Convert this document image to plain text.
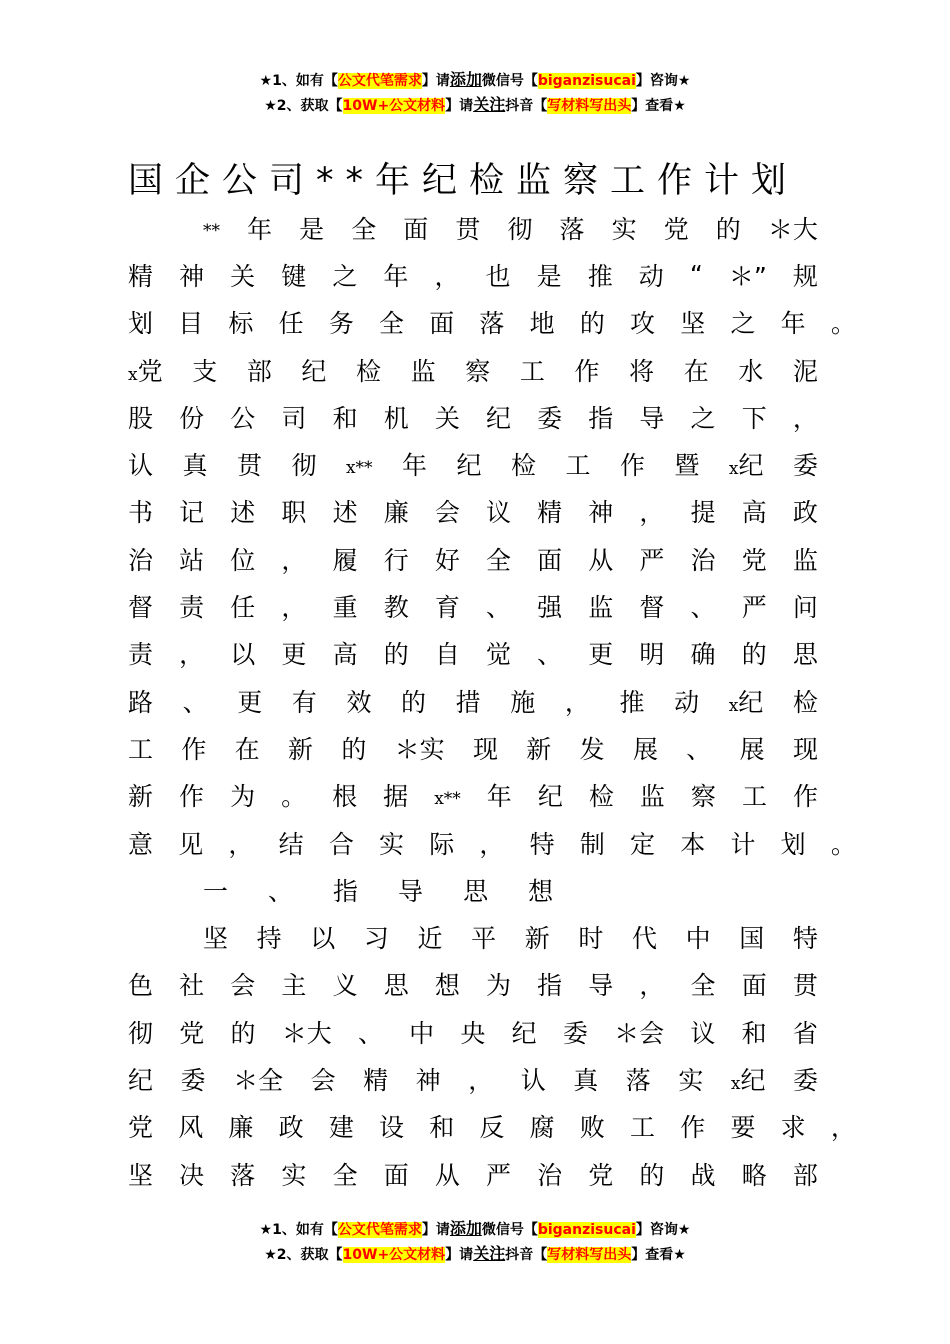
★1、如有【公文代笔需求】请添加微信号【biganzisucai】咨询★
★2、获取【10W+公文材料】请关注抖音【写材料写出头】查看★
国企公司**年纪检监察工作计划
** 年 是 全 面 贯 彻 落 实 党 的 ＊大
精 神 关 键 之 年 ， 也 是 推 动 “ ＊” 规
划 目 标 任 务 全 面 落 地 的 攻 坚 之 年 。
x党 支 部 纪 检 监 察 工 作 将 在 水 泥
股 份 公 司 和 机 关 纪 委 指 导 之 下 ，
认 真 贯 彻 x** 年 纪 检 工 作 暨 x纪 委
书 记 述 职 述 廉 会 议 精 神 ， 提 高 政
治 站 位 ， 履 行 好 全 面 从 严 治 党 监
督 责 任 ， 重 教 育 、 强 监 督 、 严 问
责 ， 以 更 高 的 自 觉 、 更 明 确 的 思
路 、 更 有 效 的 措 施 ， 推 动 x纪 检
工 作 在 新 的 ＊实 现 新 发 展 、 展 现
新 作 为 。 根 据 x** 年 纪 检 监 察 工 作
意 见 ， 结 合 实 际 ， 特 制 定 本 计 划 。
一 、 指 导 思 想
坚 持 以 习 近 平 新 时 代 中 国 特
色 社 会 主 义 思 想 为 指 导 ， 全 面 贯
彻 党 的 ＊大 、 中 央 纪 委 ＊会 议 和 省
纪 委 ＊全 会 精 神 ， 认 真 落 实 x纪 委
党 风 廉 政 建 设 和 反 腐 败 工 作 要 求 ，
坚 决 落 实 全 面 从 严 治 党 的 战 略 部
★1、如有【公文代笔需求】请添加微信号【biganzisucai】咨询★
★2、获取【10W+公文材料】请关注抖音【写材料写出头】查看★
